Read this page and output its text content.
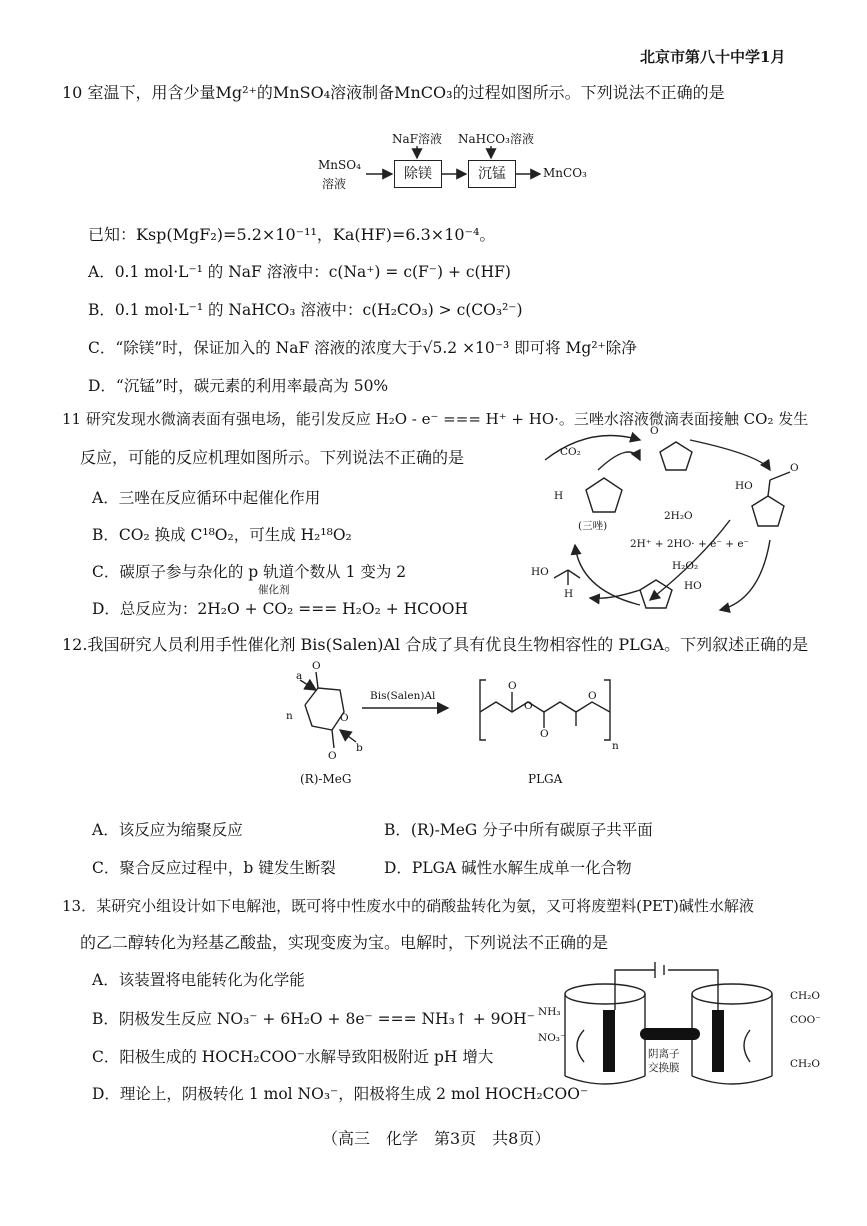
北京市第八十中学1月
10 室温下，用含少量Mg²⁺的MnSO₄溶液制备MnCO₃的过程如图所示。下列说法不正确的是
MnSO₄
溶液
NaF溶液 NaHCO₃溶液
除镁	沉锰	MnCO₃
已知：Ksp(MgF₂)=5.2×10⁻¹¹，Ka(HF)=6.3×10⁻⁴。
A．0.1 mol·L⁻¹ 的 NaF 溶液中：c(Na⁺) = c(F⁻) + c(HF)
B．0.1 mol·L⁻¹ 的 NaHCO₃ 溶液中：c(H₂CO₃) > c(CO₃²⁻)
C．“除镁”时，保证加入的 NaF 溶液的浓度大于√5.2 ×10⁻³ 即可将 Mg²⁺除净
D．“沉锰”时，碳元素的利用率最高为 50%
11 研究发现水微滴表面有强电场，能引发反应 H₂O - e⁻ === H⁺ + HO·。三唑水溶液微滴表面接触 CO₂ 发生
反应，可能的反应机理如图所示。下列说法不正确的是
A．三唑在反应循环中起催化作用
B．CO₂ 换成 C¹⁸O₂，可生成 H₂¹⁸O₂
C．碳原子参与杂化的 p 轨道个数从 1 变为 2
催化剂
D．总反应为：2H₂O + CO₂ === H₂O₂ + HCOOH
CO₂
O
H
(三唑)
HO
O
2H₂O
2H⁺ + 2HO· + e⁻ + e⁻
H₂O₂
HO
H
HO
12.我国研究人员利用手性催化剂 Bis(Salen)Al 合成了具有优良生物相容性的 PLGA。下列叙述正确的是
a
O
n	O
b
O
Bis(Salen)Al
O
O
O
O
n
(R)-MeG	PLGA
A．该反应为缩聚反应	B．(R)-MeG 分子中所有碳原子共平面
C．聚合反应过程中，b 键发生断裂	D．PLGA 碱性水解生成单一化合物
13．某研究小组设计如下电解池，既可将中性废水中的硝酸盐转化为氨，又可将废塑料(PET)碱性水解液
的乙二醇转化为羟基乙酸盐，实现变废为宝。电解时，下列说法不正确的是
A．该装置将电能转化为化学能
B．阴极发生反应 NO₃⁻ + 6H₂O + 8e⁻ === NH₃↑ + 9OH⁻
C．阳极生成的 HOCH₂COO⁻水解导致阳极附近 pH 增大
D．理论上，阴极转化 1 mol NO₃⁻，阳极将生成 2 mol HOCH₂COO⁻
NH₃
NO₃⁻
阴离子
交换膜
CH₂O
COO⁻
CH₂O
（高三　化学　第3页　共8页）
